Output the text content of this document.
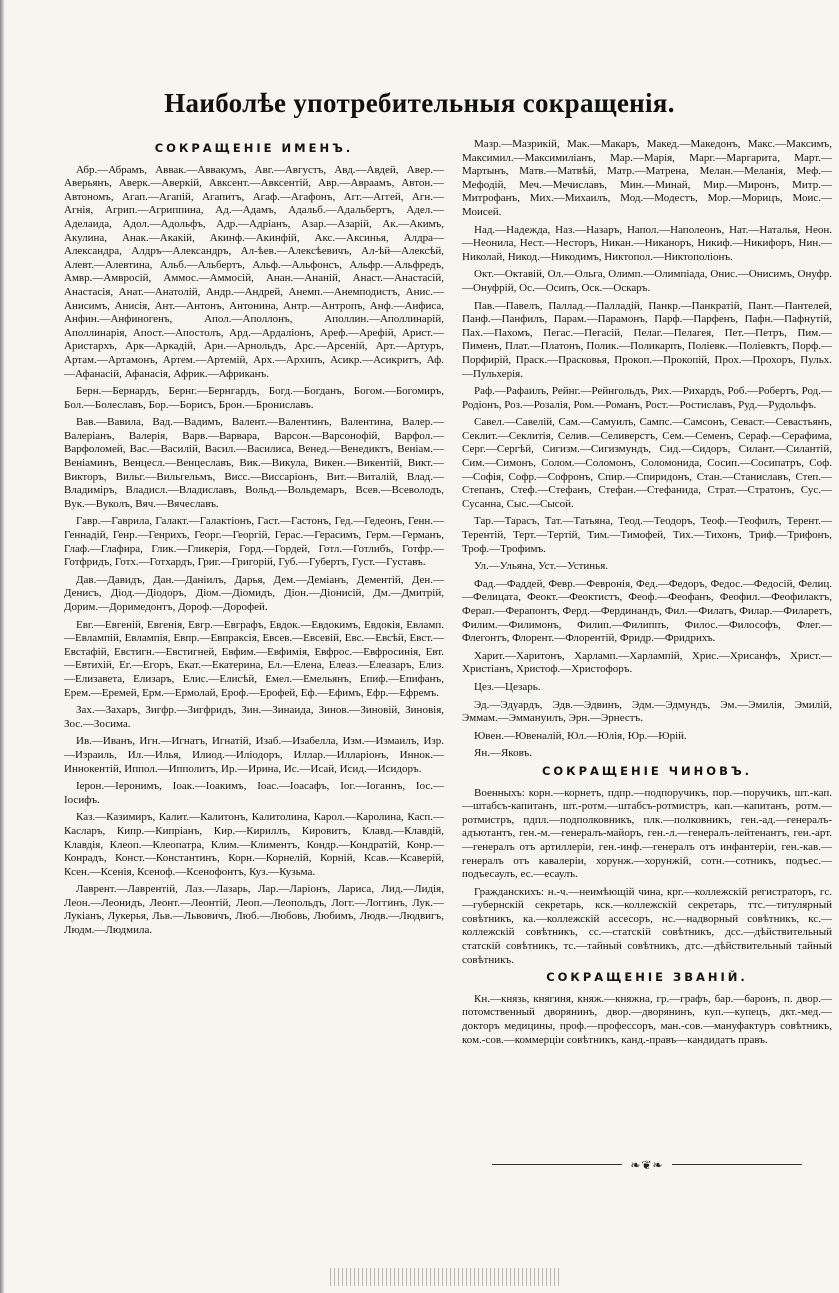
Наиболѣе употребительныя сокращенія.
СОКРАЩЕНІЕ ИМЕНЪ.

Абр.—Абрамъ, Аввак.—Аввакумъ, Авг.—Августъ, Авд.—Авдей, Авер.—Аверьянъ, Аверк.—Аверкій, Авксент.—Авксентій, Авр.—Авраамъ, Автон.—Автономъ, Агап.—Агапій, Агапитъ, Агаф.—Агафонъ, Агг.—Аггей, Агн.—Агнія, Агрип.—Агриппина, Ад.—Адамъ, Адальб.—Адальбертъ, Адел.—Аделаида, Адол.—Адольфъ, Адр.—Адріанъ, Азар.—Азарій, Ак.—Акимъ, Акулина, Анак.—Акакій, Акинф.—Акинфій, Акс.—Аксинья, Алдра—Александра, Алдръ—Александръ, Ал-ѣев.—Алексѣевичъ, Ал-ѣй—Алексѣй, Алевт.—Алевтина, Альб.—Альбертъ, Альф.—Альфонсъ, Альфр.—Альфредъ, Амвр.—Амвросій, Аммос.—Аммосій, Анан.—Ананій, Анаст.—Анастасій, Анастасія, Анат.—Анатолій, Андр.—Андрей, Анемп.—Анемподистъ, Анис.—Анисимъ, Анисія, Ант.—Антонъ, Антонина, Антр.—Антропъ, Анф.—Анфиса, Анфин.—Анфиногенъ, Апол.—Аполлонъ, Аполлин.—Аполлинарій, Аполлинарія, Апост.—Апостолъ, Ард.—Ардаліонъ, Ареф.—Арефій, Арист.—Аристархъ, Арк—Аркадій, Арн.—Арнольдъ, Арс.—Арсеній, Арт.—Артуръ, Артам.—Артамонъ, Артем.—Артемій, Арх.—Архипъ, Асикр.—Асикритъ, Аф.—Афанасій, Афанасія, Африк.—Африканъ.

Берн.—Бернардъ, Бернг.—Бернгардъ, Богд.—Богданъ, Богом.—Богомиръ, Бол.—Болеславъ, Бор.—Борисъ, Брон.—Брониславъ.

Вав.—Вавила, Вад.—Вадимъ, Валент.—Валентинъ, Валентина, Валер.—Валеріанъ, Валерія, Варв.—Варвара, Варсон.—Варсонофій, Варфол.—Варфоломей, Вас.—Василій, Васил.—Василиса, Венед.—Венедиктъ, Веніам.—Веніаминъ, Венцесл.—Венцеславъ, Вик.—Викула, Викен.—Викентій, Викт.—Викторъ, Вильг.—Вильгельмъ, Висс.—Виссаріонъ, Вит.—Виталій, Влад.—Владиміръ, Владисл.—Владиславъ, Вольд.—Вольдемаръ, Всев.—Всеволодъ, Вук.—Вуколъ, Вяч.—Вячеславъ.

Гавр.—Гаврила, Галакт.—Галактіонъ, Гаст.—Гастонъ, Гед.—Гедеонъ, Генн.—Геннадій, Генр.—Генрихъ, Георг.—Георгій, Герас.—Герасимъ, Герм.—Германъ, Глаф.—Глафира, Глик.—Гликерія, Горд.—Гордей, Готл.—Готлибъ, Готфр.—Готфридъ, Готх.—Готхардъ, Григ.—Григорій, Губ.—Губертъ, Густ.—Густавъ.

Дав.—Давидъ, Дан.—Даніилъ, Дарья, Дем.—Деміанъ, Дементій, Ден.—Денисъ, Діод.—Діодоръ, Діом.—Діомидъ, Діон.—Діонисій, Дм.—Дмитрій, Дорим.—Доримедонтъ, Дороф.—Дорофей.

Евг.—Евгеній, Евгенія, Евгр.—Евграфъ, Евдок.—Евдокимъ, Евдокія, Евламп.—Евлампій, Евлампія, Евпр.—Евпраксія, Евсев.—Евсевій, Евс.—Евсѣй, Евст.—Евстафій, Евстигн.—Евстигней, Евфим.—Евфимія, Евфрос.—Евфросинія, Евт.—Евтихій, Ег.—Егоръ, Екат.—Екатерина, Ел.—Елена, Елеаз.—Елеазаръ, Елиз.—Елизавета, Елизаръ, Елис.—Елисѣй, Емел.—Емельянъ, Епиф.—Епифанъ, Ерем.—Еремей, Ерм.—Ермолай, Ероф.—Ерофей, Еф.—Ефимъ, Ефр.—Ефремъ.

Зах.—Захаръ, Зигфр.—Зигфридъ, Зин.—Зинаида, Зинов.—Зиновій, Зиновія, Зос.—Зосима.

Ив.—Иванъ, Игн.—Игнатъ, Игнатій, Изаб.—Изабелла, Изм.—Измаилъ, Изр.—Израиль, Ил.—Илья, Илиод.—Иліодоръ, Иллар.—Илларіонъ, Иннок.—Иннокентій, Иппол.—Ипполитъ, Ир.—Ирина, Ис.—Исай, Исид.—Исидоръ.

Іерон.—Іеронимъ, Іоак.—Іоакимъ, Іоас.—Іоасафъ, Іог.—Іоганнъ, Іос.—Іосифъ.

Каз.—Казимиръ, Калит.—Калитонъ, Калитолина, Карол.—Каролина, Касп.—Касларъ, Кипр.—Кипріанъ, Кир.—Кириллъ, Кировитъ, Клавд.—Клавдій, Клавдія, Клеоп.—Клеопатра, Клим.—Климентъ, Кондр.—Кондратій, Конр.—Конрадъ, Конст.—Константинъ, Корн.—Корнелій, Корній, Ксав.—Ксаверій, Ксен.—Ксенія, Ксеноф.—Ксенофонтъ, Куз.—Кузьма.

Лаврент.—Лаврентій, Лаз.—Лазарь, Лар.—Ларіонъ, Лариса, Лид.—Лидія, Леон.—Леонидъ, Леонт.—Леонтій, Леоп.—Леопольдъ, Логг.—Логгинъ, Лук.—Лукіанъ, Лукерья, Льв.—Львовичъ, Люб.—Любовь, Любимъ, Людв.—Людвигъ, Людм.—Людмила.

Мазр.—Мазрикій, Мак.—Макаръ, Макед.—Македонъ, Макс.—Максимъ, Максимил.—Максимиліанъ, Мар.—Марія, Марг.—Маргарита, Март.—Мартынъ, Матв.—Матвѣй, Матр.—Матрена, Мелан.—Меланія, Меф.—Мефодій, Меч.—Мечиславъ, Мин.—Минай, Мир.—Миронъ, Митр.—Митрофанъ, Мих.—Михаилъ, Мод.—Модестъ, Мор.—Морицъ, Моис.—Моисей.

Над.—Надежда, Наз.—Назаръ, Напол.—Наполеонъ, Нат.—Наталья, Неон.—Неонила, Нест.—Несторъ, Никан.—Никаноръ, Никиф.—Никифоръ, Нин.—Николай, Никод.—Никодимъ, Никтопол.—Никтополіонъ.

Окт.—Октавій, Ол.—Ольга, Олимп.—Олимпіада, Онис.—Онисимъ, Онуфр.—Онуфрій, Ос.—Осипъ, Оск.—Оскаръ.

Пав.—Павелъ, Паллад.—Палладій, Панкр.—Панкратій, Пант.—Пантелей, Панф.—Панфилъ, Парам.—Парамонъ, Парф.—Парфенъ, Пафн.—Пафнутій, Пах.—Пахомъ, Пегас.—Пегасій, Пелаг.—Пелагея, Пет.—Петръ, Пим.—Пименъ, Плат.—Платонъ, Полик.—Поликарпъ, Поліевк.—Поліевктъ, Порф.—Порфирій, Праск.—Прасковья, Прокоп.—Прокопій, Прох.—Прохоръ, Пульх.—Пульхерія.

Раф.—Рафаилъ, Рейнг.—Рейнгольдъ, Рих.—Рихардъ, Роб.—Робертъ, Род.—Родіонъ, Роз.—Розалія, Ром.—Романъ, Рост.—Ростиславъ, Руд.—Рудольфъ.

Савел.—Савелій, Сам.—Самуилъ, Сампс.—Самсонъ, Севаст.—Севастьянъ, Секлит.—Секлитія, Селив.—Селиверстъ, Сем.—Семенъ, Сераф.—Серафима, Серг.—Сергѣй, Сигизм.—Сигизмундъ, Сид.—Сидоръ, Силант.—Силантій, Сим.—Симонъ, Солом.—Соломонъ, Соломонида, Сосип.—Сосипатръ, Соф.—Софія, Софр.—Софронъ, Спир.—Спиридонъ, Стан.—Станиславъ, Степ.—Степанъ, Стеф.—Стефанъ, Стефан.—Стефанида, Страт.—Стратонъ, Сус.—Сусанна, Сыс.—Сысой.

Тар.—Тарасъ, Тат.—Татьяна, Теод.—Теодоръ, Теоф.—Теофилъ, Терент.—Терентій, Терт.—Тертій, Тим.—Тимофей, Тих.—Тихонъ, Триф.—Трифонъ, Троф.—Трофимъ.

Ул.—Ульяна, Уст.—Устинья.

Фад.—Фаддей, Февр.—Февронія, Фед.—Федоръ, Федос.—Федосій, Фелиц.—Фелицата, Феокт.—Феоктистъ, Феоф.—Феофанъ, Феофил.—Феофилактъ, Ферап.—Ферапонтъ, Ферд.—Фердинандъ, Фил.—Филатъ, Филар.—Филаретъ, Филим.—Филимонъ, Филип.—Филиппъ, Филос.—Философъ, Флег.—Флегонтъ, Флорент.—Флорентій, Фридр.—Фридрихъ.

Харит.—Харитонъ, Харламп.—Харлампій, Хрис.—Хрисанфъ, Христ.—Христіанъ, Христоф.—Христофоръ.

Цез.—Цезарь.

Эд.—Эдуардъ, Эдв.—Эдвинъ, Эдм.—Эдмундъ, Эм.—Эмилія, Эмилій, Эммам.—Эммануилъ, Эрн.—Эрнестъ.

Ювен.—Ювеналій, Юл.—Юлія, Юр.—Юрій.

Ян.—Яковъ.

СОКРАЩЕНІЕ ЧИНОВЪ.

Военныхъ: корн.—корнетъ, пдпр.—подпоручикъ, пор.—поручикъ, шт.-кап.—штабсъ-капитанъ, шт.-ротм.—штабсъ-ротмистръ, кап.—капитанъ, ротм.—ротмистръ, пдпл.—подполковникъ, плк.—полковникъ, ген.-ад.—генералъ-адъютантъ, ген.-м.—генералъ-майоръ, ген.-л.—генералъ-лейтенантъ, ген.-арт.—генералъ отъ артиллеріи, ген.-инф.—генералъ отъ инфантеріи, ген.-кав.—генералъ отъ кавалеріи, хорунж.—хорунжій, сотн.—сотникъ, подъес.—подъесаулъ, ес.—есаулъ.

Гражданскихъ: н.-ч.—неимѣющій чина, крг.—коллежскій регистраторъ, гс.—губернскій секретарь, кск.—коллежскій секретарь, ттс.—титулярный совѣтникъ, ка.—коллежскій ассесоръ, нс.—надворный совѣтникъ, кс.—коллежскій совѣтникъ, сс.—статскій совѣтникъ, дсс.—дѣйствительный статскій совѣтникъ, тс.—тайный совѣтникъ, дтс.—дѣйствительный тайный совѣтникъ.

СОКРАЩЕНІЕ ЗВАНІЙ.

Кн.—князь, княгиня, княж.—княжна, гр.—графъ, бар.—баронъ, п. двор.—потомственный дворянинъ, двор.—дворянинъ, куп.—купецъ, дкт.-мед.—докторъ медицины, проф.—профессоръ, ман.-сов.—мануфактуръ совѣтникъ, ком.-сов.—коммерціи совѣтникъ, канд.-правъ—кандидатъ правъ.

❧❦❧
